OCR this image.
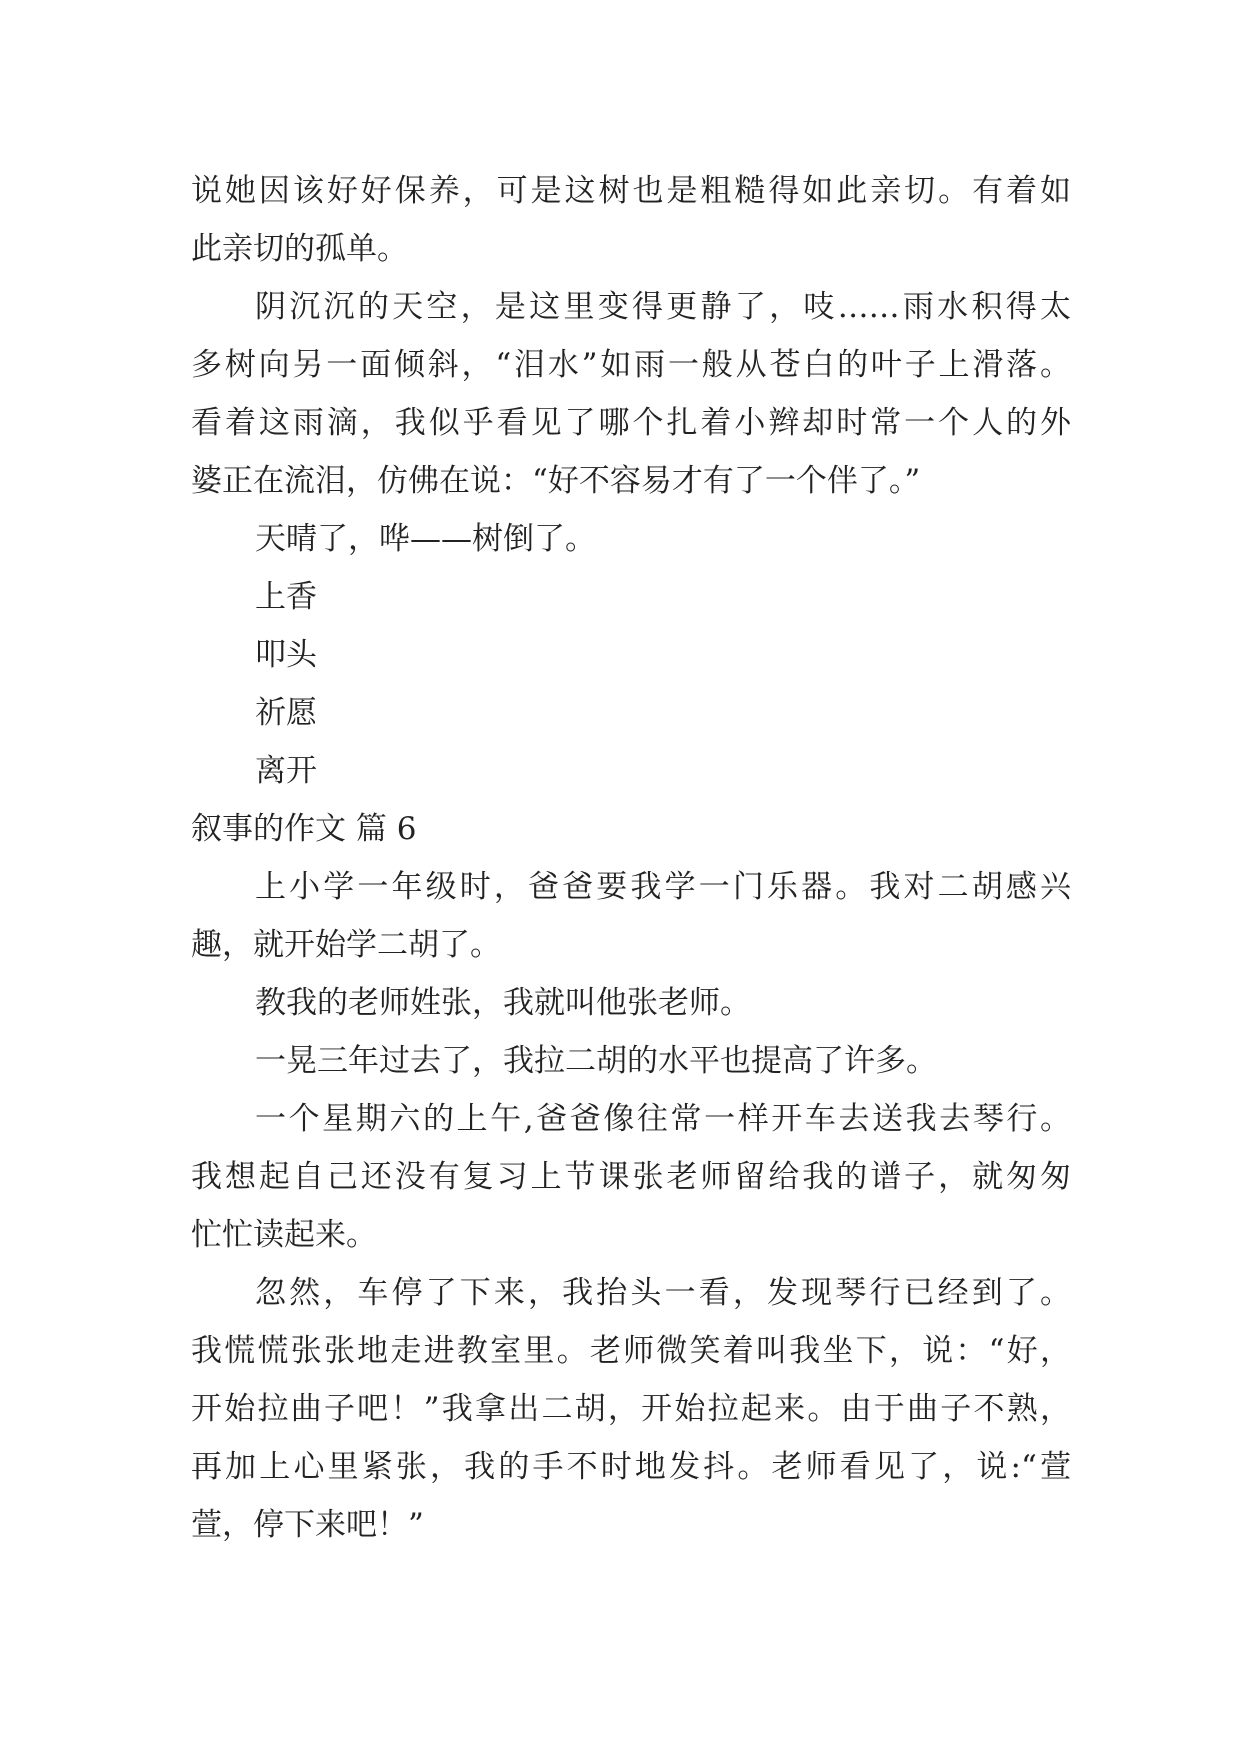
说她因该好好保养，可是这树也是粗糙得如此亲切。有着如
此亲切的孤单。
阴沉沉的天空，是这里变得更静了，吱……雨水积得太
多树向另一面倾斜，“泪水”如雨一般从苍白的叶子上滑落。
看着这雨滴，我似乎看见了哪个扎着小辫却时常一个人的外
婆正在流泪，仿佛在说：“好不容易才有了一个伴了。”
天晴了，哗——树倒了。
上香
叩头
祈愿
离开
叙事的作文 篇 6
上小学一年级时，爸爸要我学一门乐器。我对二胡感兴
趣，就开始学二胡了。
教我的老师姓张，我就叫他张老师。
一晃三年过去了，我拉二胡的水平也提高了许多。
一个星期六的上午,爸爸像往常一样开车去送我去琴行。
我想起自己还没有复习上节课张老师留给我的谱子，就匆匆
忙忙读起来。
忽然，车停了下来，我抬头一看，发现琴行已经到了。
我慌慌张张地走进教室里。老师微笑着叫我坐下，说：“好，
开始拉曲子吧！”我拿出二胡，开始拉起来。由于曲子不熟，
再加上心里紧张，我的手不时地发抖。老师看见了，说:“萱
萱，停下来吧！”
